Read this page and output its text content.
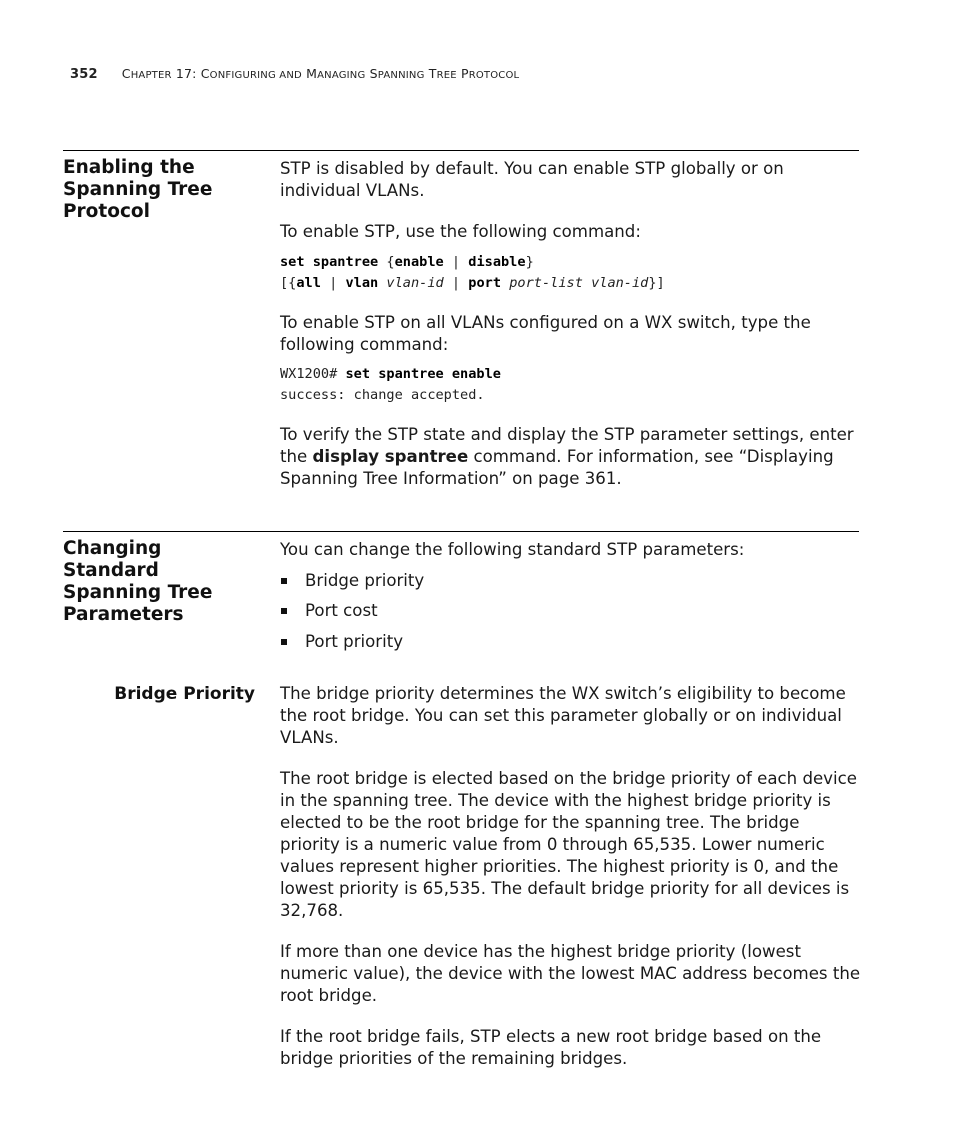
352 CHAPTER 17: CONFIGURING AND MANAGING SPANNING TREE PROTOCOL
Enabling the
Spanning Tree
Protocol

STP is disabled by default. You can enable STP globally or on individual VLANs.

To enable STP, use the following command:

set spantree {enable | disable}
[{all | vlan vlan-id | port port-list vlan-id}]

To enable STP on all VLANs configured on a WX switch, type the following command:

WX1200# set spantree enable
success: change accepted.

To verify the STP state and display the STP parameter settings, enter the display spantree command. For information, see “Displaying Spanning Tree Information” on page 361.

Changing Standard
Spanning Tree
Parameters

You can change the following standard STP parameters:

Bridge priority
Port cost
Port priority
Bridge Priority The bridge priority determines the WX switch’s eligibility to become the root bridge. You can set this parameter globally or on individual VLANs.

The root bridge is elected based on the bridge priority of each device in the spanning tree. The device with the highest bridge priority is elected to be the root bridge for the spanning tree. The bridge priority is a numeric value from 0 through 65,535. Lower numeric values represent higher priorities. The highest priority is 0, and the lowest priority is 65,535. The default bridge priority for all devices is 32,768.

If more than one device has the highest bridge priority (lowest numeric value), the device with the lowest MAC address becomes the root bridge.

If the root bridge fails, STP elects a new root bridge based on the bridge priorities of the remaining bridges.
